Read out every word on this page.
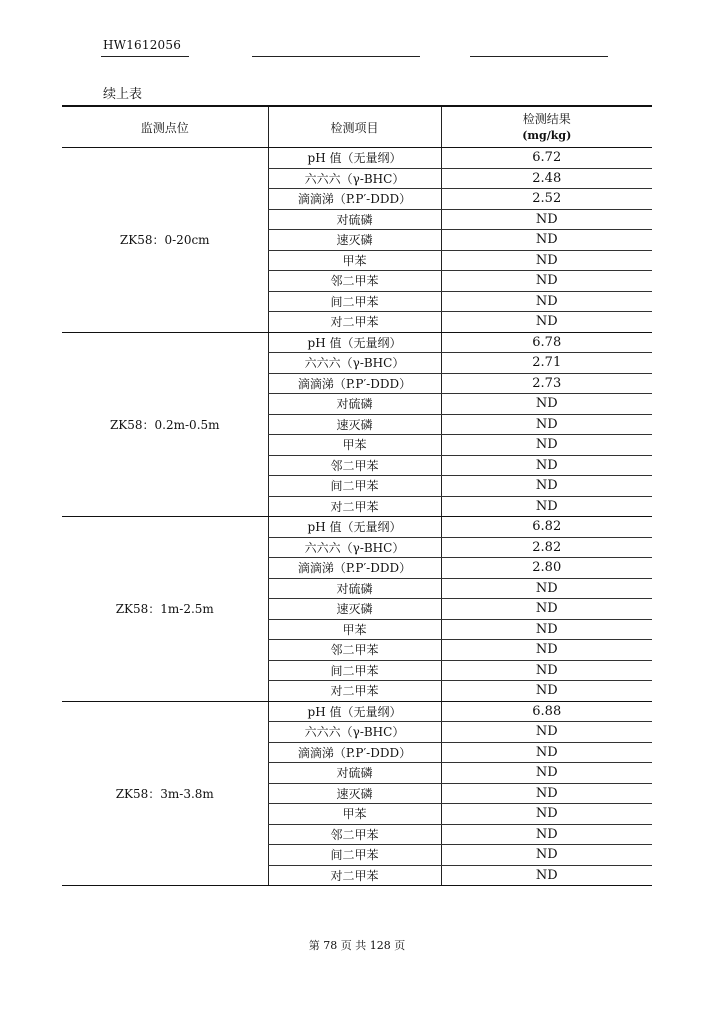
HW1612056
续上表
监测点位	检测项目	检测结果
(mg/kg)

ZK58：0-20cm	pH 值（无量纲）	6.72
	六六六（γ-BHC）	2.48
	滴滴涕（P.P′-DDD）	2.52
	对硫磷	ND
	速灭磷	ND
	甲苯	ND
	邻二甲苯	ND
	间二甲苯	ND
	对二甲苯	ND
ZK58：0.2m-0.5m	pH 值（无量纲）	6.78
	六六六（γ-BHC）	2.71
	滴滴涕（P.P′-DDD）	2.73
	对硫磷	ND
	速灭磷	ND
	甲苯	ND
	邻二甲苯	ND
	间二甲苯	ND
	对二甲苯	ND
ZK58：1m-2.5m	pH 值（无量纲）	6.82
	六六六（γ-BHC）	2.82
	滴滴涕（P.P′-DDD）	2.80
	对硫磷	ND
	速灭磷	ND
	甲苯	ND
	邻二甲苯	ND
	间二甲苯	ND
	对二甲苯	ND
ZK58：3m-3.8m	pH 值（无量纲）	6.88
	六六六（γ-BHC）	ND
	滴滴涕（P.P′-DDD）	ND
	对硫磷	ND
	速灭磷	ND
	甲苯	ND
	邻二甲苯	ND
	间二甲苯	ND
	对二甲苯	ND
第 78 页 共 128 页
